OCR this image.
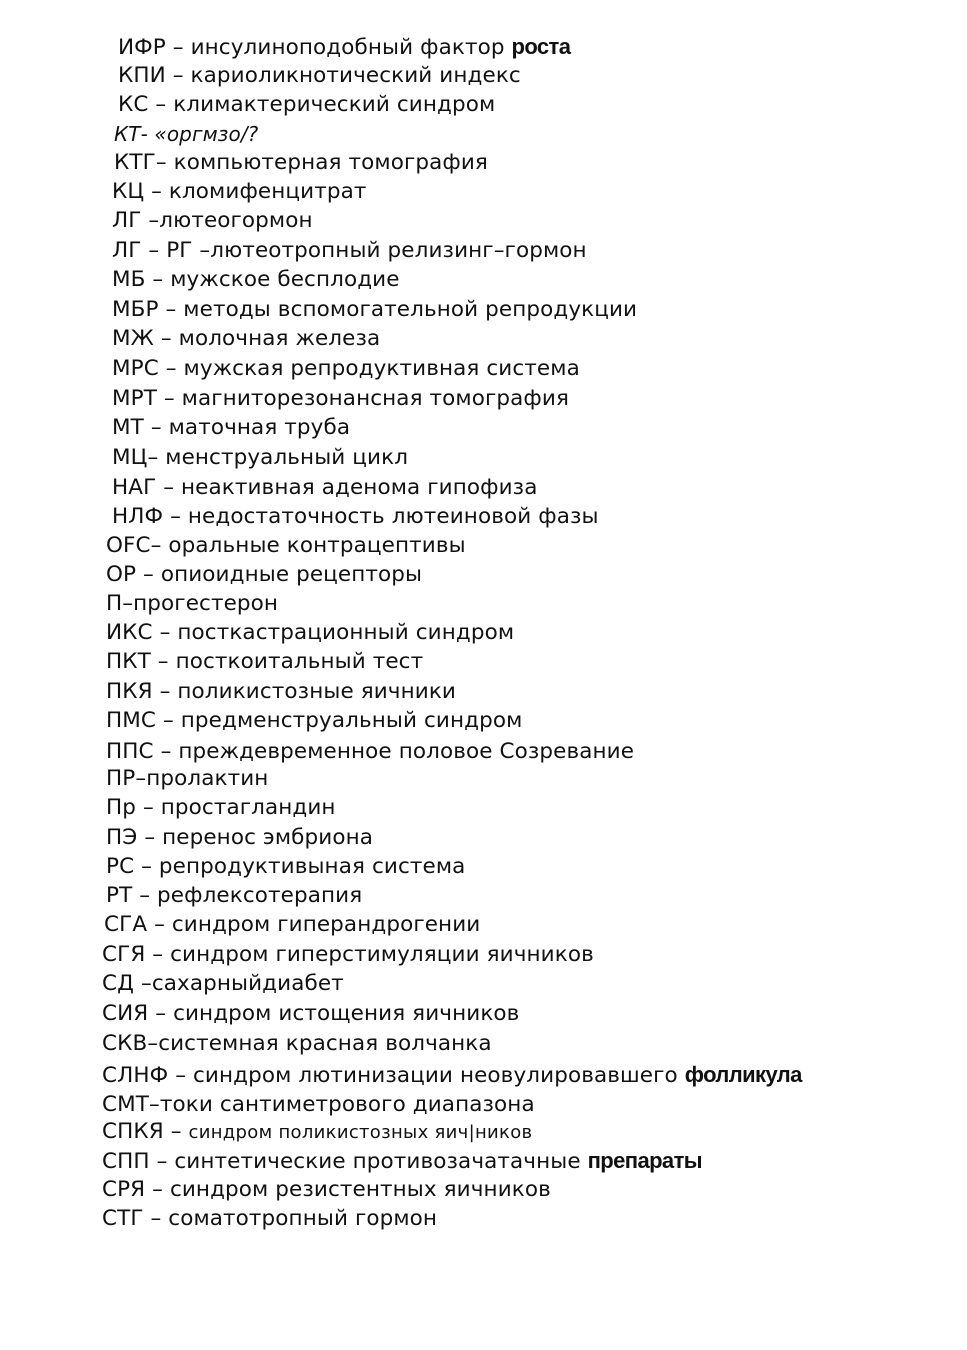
ИФР – инсулиноподобный фактор роста
КПИ – кариоликнотический индекс
КС – климактерический синдром
КТ- «оргмзо/?
КТГ– компьютерная томография
КЦ – кломифенцитрат
ЛГ –лютеогормон
ЛГ – РГ –лютеотропный релизинг–гормон
МБ – мужское бесплодие
МБР – методы вспомогательной репродукции
МЖ – молочная железа
МРС – мужская репродуктивная система
МРТ – магниторезонансная томография
МТ – маточная труба
МЦ– менструальный цикл
НАГ – неактивная аденома гипофиза
НЛФ – недостаточность лютеиновой фазы
OFC– оральные контрацептивы
ОР – опиоидные рецепторы
П–прогестерон
ИКС – посткастрационный синдром
ПКТ – посткоитальный тест
ПКЯ – поликистозные яичники
ПМС – предменструальный синдром
ППС – преждевременное половое Созревание
ПР–пролактин
Пр – простагландин
ПЭ – перенос эмбриона
РС – репродуктивыная система
РТ – рефлексотерапия
СГА – синдром гиперандрогении
СГЯ – синдром гиперстимуляции яичников
СД –сахарныйдиабет
СИЯ – синдром истощения яичников
СКВ–системная красная волчанка
СЛНФ – синдром лютинизации неовулировавшего фолликула
СМТ–токи сантиметрового диапазона
СПКЯ – синдром поликистозных яич|ников
СПП – синтетические противозачатачные препараты
СРЯ – синдром резистентных яичников
СТГ – соматотропный гормон
